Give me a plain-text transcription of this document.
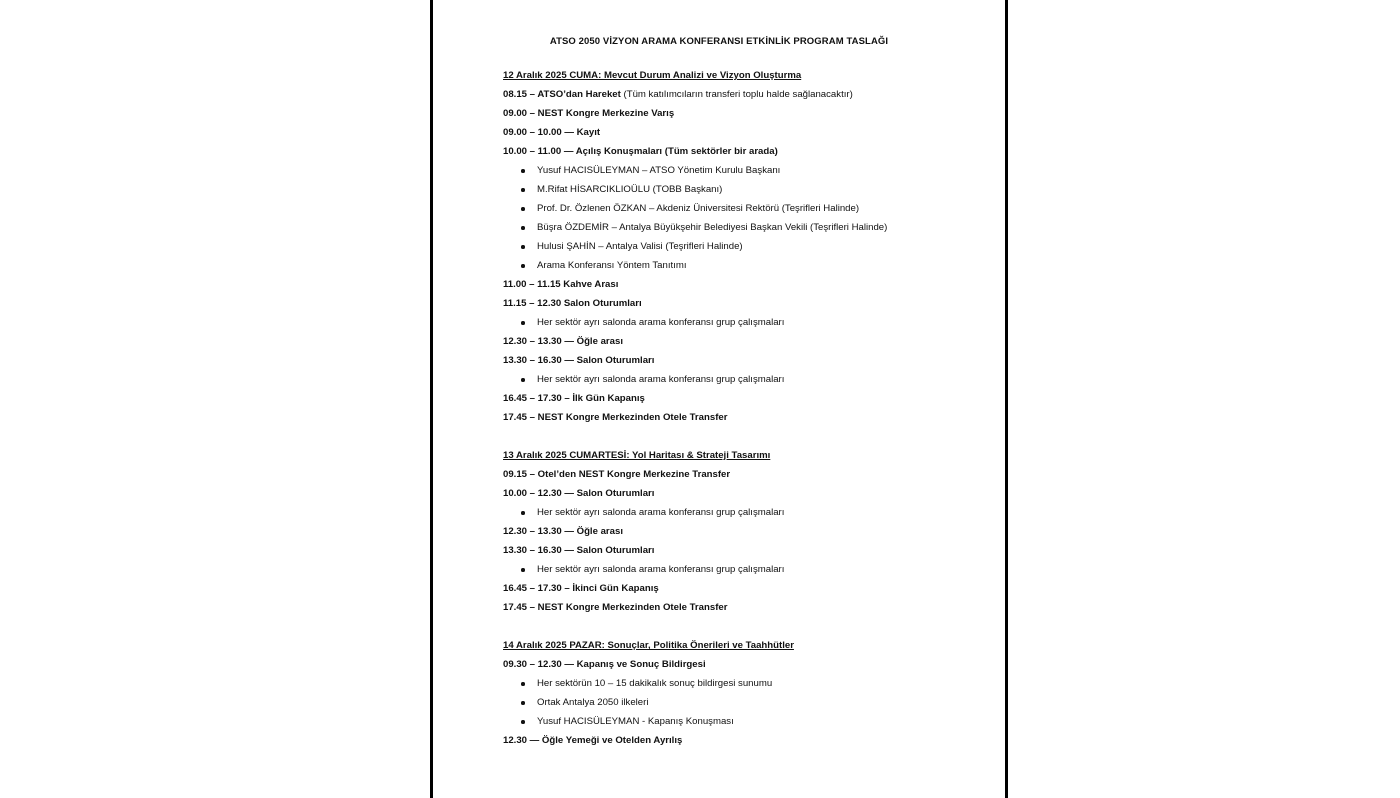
ATSO 2050 VİZYON ARAMA KONFERANSI ETKİNLİK PROGRAM TASLAĞI
12 Aralık 2025 CUMA: Mevcut Durum Analizi ve Vizyon Oluşturma
08.15 – ATSO’dan Hareket (Tüm katılımcıların transferi toplu halde sağlanacaktır)
09.00 – NEST Kongre Merkezine Varış
09.00 – 10.00 — Kayıt
10.00 – 11.00 — Açılış Konuşmaları (Tüm sektörler bir arada)
Yusuf HACISÜLEYMAN – ATSO Yönetim Kurulu Başkanı
M.Rifat HİSARCIKLIOÜLU (TOBB Başkanı)
Prof. Dr. Özlenen ÖZKAN – Akdeniz Üniversitesi Rektörü (Teşrifleri Halinde)
Büşra ÖZDEMİR – Antalya Büyükşehir Belediyesi Başkan Vekili (Teşrifleri Halinde)
Hulusi ŞAHİN – Antalya Valisi (Teşrifleri Halinde)
Arama Konferansı Yöntem Tanıtımı
11.00 – 11.15 Kahve Arası
11.15 – 12.30 Salon Oturumları
Her sektör ayrı salonda arama konferansı grup çalışmaları
12.30 – 13.30 — Öğle arası
13.30 – 16.30 — Salon Oturumları
Her sektör ayrı salonda arama konferansı grup çalışmaları
16.45 – 17.30 – İlk Gün Kapanış
17.45 – NEST Kongre Merkezinden Otele Transfer
13 Aralık 2025 CUMARTESİ: Yol Haritası & Strateji Tasarımı
09.15 – Otel’den NEST Kongre Merkezine Transfer
10.00 – 12.30 — Salon Oturumları
Her sektör ayrı salonda arama konferansı grup çalışmaları
12.30 – 13.30 — Öğle arası
13.30 – 16.30 — Salon Oturumları
Her sektör ayrı salonda arama konferansı grup çalışmaları
16.45 – 17.30 – İkinci Gün Kapanış
17.45 – NEST Kongre Merkezinden Otele Transfer
14 Aralık 2025 PAZAR: Sonuçlar, Politika Önerileri ve Taahhütler
09.30 – 12.30 — Kapanış ve Sonuç Bildirgesi
Her sektörün 10 – 15 dakikalık sonuç bildirgesi sunumu
Ortak Antalya 2050 ilkeleri
Yusuf HACISÜLEYMAN - Kapanış Konuşması
12.30 — Öğle Yemeği ve Otelden Ayrılış
